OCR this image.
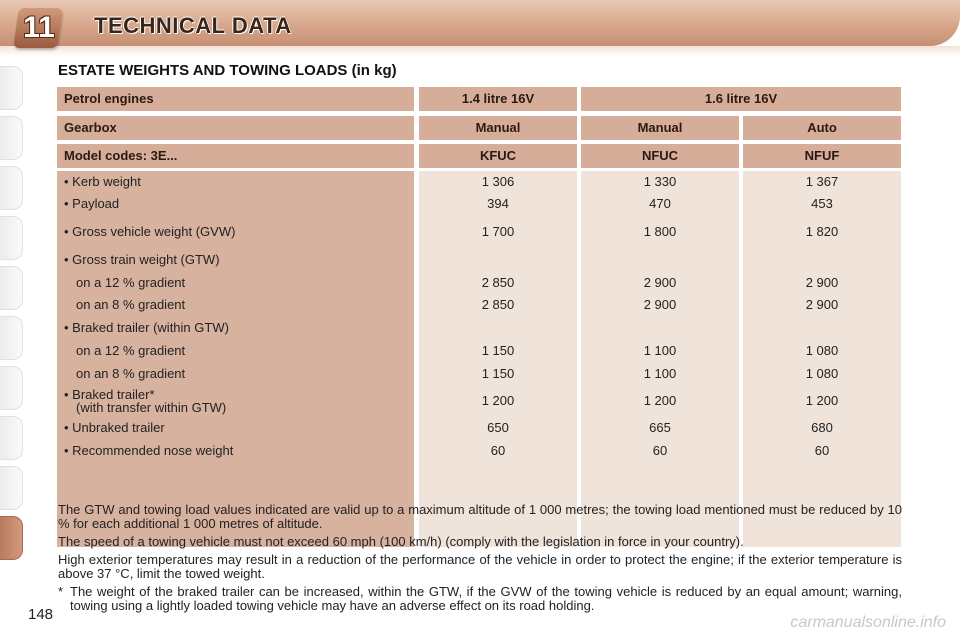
11 TECHNICAL DATA
ESTATE WEIGHTS AND TOWING LOADS (in kg)
Petrol engines	1.4 litre 16V	1.6 litre 16V
Gearbox	Manual	Manual	Auto
Model codes: 3E...	KFUC	NFUC	NFUF
• Kerb weight	1 306	1 330	1 367
• Payload	394	470	453
• Gross vehicle weight (GVW)	1 700	1 800	1 820
• Gross train weight (GTW)
on a 12 % gradient	2 850	2 900	2 900
on an 8 % gradient	2 850	2 900	2 900
• Braked trailer (within GTW)
on a 12 % gradient	1 150	1 100	1 080
on an 8 % gradient	1 150	1 100	1 080
• Braked trailer*
(with transfer within GTW)	1 200	1 200	1 200
• Unbraked trailer	650	665	680
• Recommended nose weight	60	60	60

The GTW and towing load values indicated are valid up to a maximum altitude of 1 000 metres; the towing load mentioned must be reduced by 10 % for each additional 1 000 metres of altitude.

The speed of a towing vehicle must not exceed 60 mph (100 km/h) (comply with the legislation in force in your country).

High exterior temperatures may result in a reduction of the performance of the vehicle in order to protect the engine; if the exterior temperature is above 37 °C, limit the towed weight.

* The weight of the braked trailer can be increased, within the GTW, if the GVW of the towing vehicle is reduced by an equal amount; warning, towing using a lightly loaded towing vehicle may have an adverse effect on its road holding.
148	carmanualsonline.info
